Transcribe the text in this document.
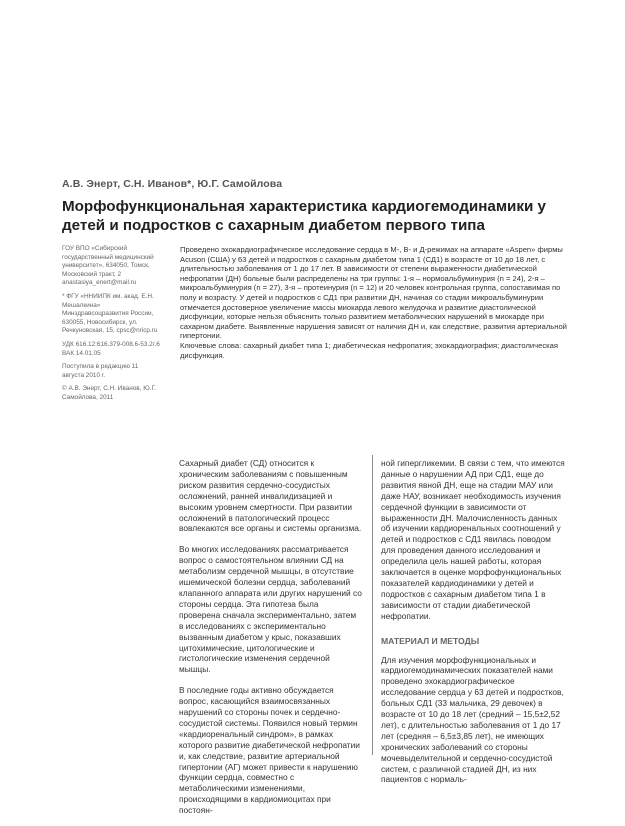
А.В. Энерт, С.Н. Иванов*, Ю.Г. Самойлова
Морфофункциональная характеристика кардиогемодинамики у детей и подростков с сахарным диабетом первого типа

ГОУ ВПО «Сибирский государственный медицинский университет», 634050, Томск, Московский тракт, 2
anastasiya_enert@mail.ru

* ФГУ «ННИИПК им. акад. Е.Н. Мешалкина» Минздравсоцразвития России, 630055, Новосибирск, ул. Речкуновская, 15, cpsc@nricp.ru

УДК 616.12:616.379-008.6-53.2/.6
ВАК 14.01.05

Поступила в редакцию 11 августа 2010 г.

© А.В. Энерт, С.Н. Иванов, Ю.Г. Самойлова, 2011

Проведено эхокардиографическое исследование сердца в М-, В- и Д-режимах на аппарате «Aspen» фирмы Acuson (США) у 63 детей и подростков с сахарным диабетом типа 1 (СД1) в возрасте от 10 до 18 лет, с длительностью заболевания от 1 до 17 лет. В зависимости от степени выраженности диабетической нефропатии (ДН) больные были распределены на три группы: 1-я – нормоальбуминурия (n = 24), 2-я – микроальбуминурия (n = 27), 3-я – протеинурия (n = 12) и 20 человек контрольная группа, сопоставимая по полу и возрасту. У детей и подростков с СД1 при развитии ДН, начиная со стадии микроальбуминурии отмечается достоверное увеличение массы миокарда левого желудочка и развитие диастолической дисфункции, которые нельзя объяснить только развитием метаболических нарушений в миокарде при сахарном диабете. Выявленные нарушения зависят от наличия ДН и, как следствие, развития артериальной гипертонии.

Ключевые слова: сахарный диабет типа 1; диабетическая нефропатия; эхокардиография; диастолическая дисфункция.

Сахарный диабет (СД) относится к хроническим заболеваниям с повышенным риском развития сердечно-сосудистых осложнений, ранней инвалидизацией и высоким уровнем смертности. При развитии осложнений в патологический процесс вовлекаются все органы и системы организма.

Во многих исследованиях рассматривается вопрос о самостоятельном влиянии СД на метаболизм сердечной мышцы, в отсутствие ишемической болезни сердца, заболеваний клапанного аппарата или других нарушений со стороны сердца. Эта гипотеза была проверена сначала экспериментально, затем в исследованиях с экспериментально вызванным диабетом у крыс, показавших цитохимические, цитологические и гистологические изменения сердечной мышцы.

В последние годы активно обсуждается вопрос, касающийся взаимосвязанных нарушений со стороны почек и сердечно-сосудистой системы. Появился новый термин «кардиоренальный синдром», в рамках которого развитие диабетической нефропатии и, как следствие, развитие артериальной гипертонии (АГ) может привести к нарушению функции сердца, совместно с метаболическими изменениями, происходящими в кардиомиоцитах при постоян-

ной гипергликемии. В связи с тем, что имеются данные о нарушении АД при СД1, еще до развития явной ДН, еще на стадии МАУ или даже НАУ, возникает необходимость изучения сердечной функции в зависимости от выраженности ДН. Малочисленность данных об изучении кардиоренальных соотношений у детей и подростков с СД1 явилась поводом для проведения данного исследования и определила цель нашей работы, которая заключается в оценке морфофункциональных показателей кардиодинамики у детей и подростков с сахарным диабетом типа 1 в зависимости от стадии диабетической нефропатии.

МАТЕРИАЛ И МЕТОДЫ

Для изучения морфофункциональных и кардиогемодинамических показателей нами проведено эхокардиографическое исследование сердца у 63 детей и подростков, больных СД1 (33 мальчика, 29 девочек) в возрасте от 10 до 18 лет (средний – 15,5±2,52 лет), с длительностью заболевания от 1 до 17 лет (средняя – 6,5±3,85 лет), не имеющих хронических заболеваний со стороны мочевыделительной и сердечно-сосудистой систем, с различной стадией ДН, из них пациентов с нормаль-
